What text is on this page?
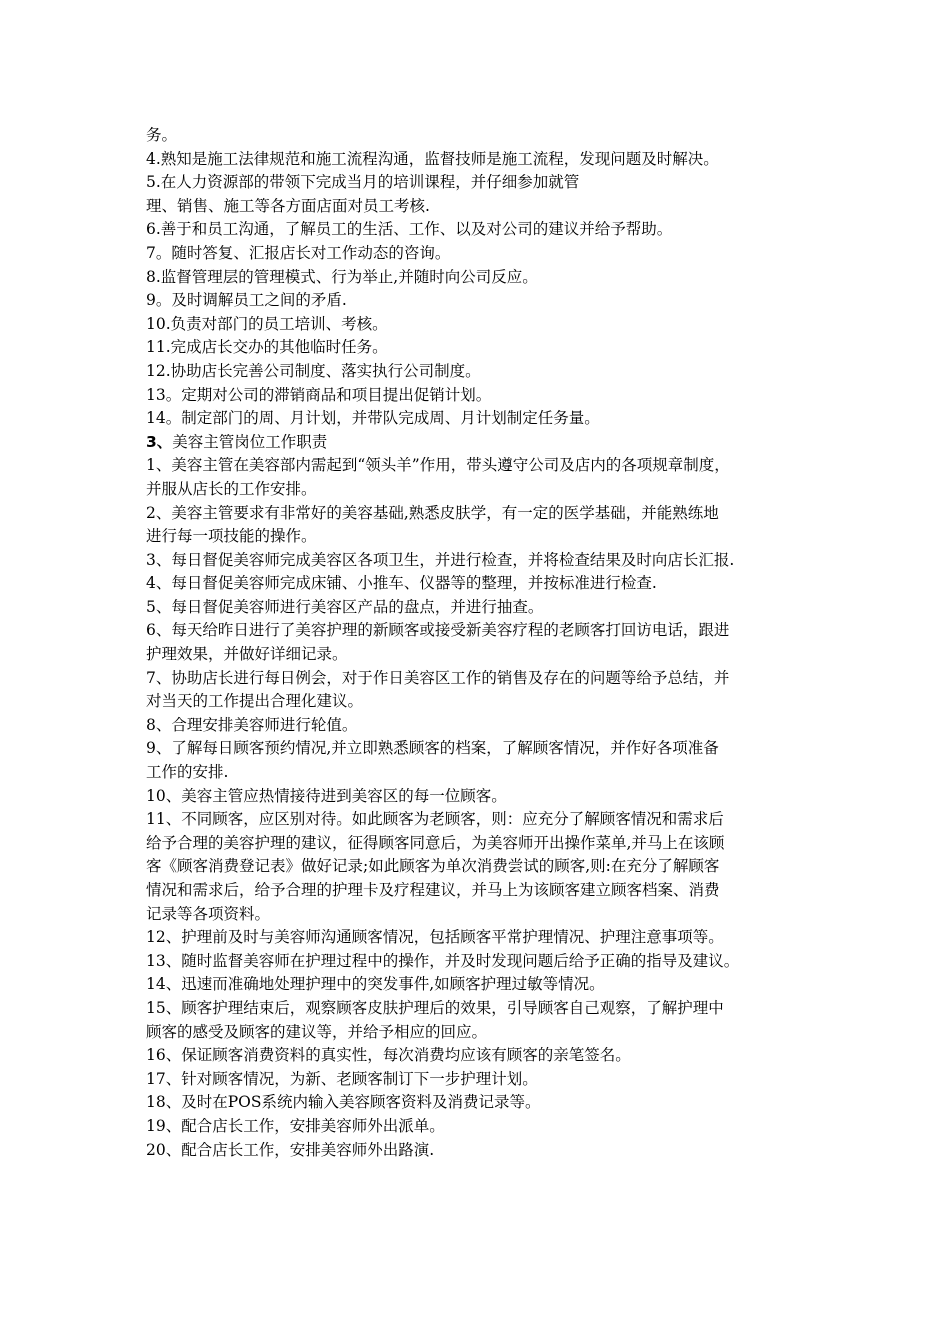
务。
4.熟知是施工法律规范和施工流程沟通，监督技师是施工流程，发现问题及时解决。
5.在人力资源部的带领下完成当月的培训课程，并仔细参加就管
理、销售、施工等各方面店面对员工考核.
6.善于和员工沟通，了解员工的生活、工作、以及对公司的建议并给予帮助。
7。随时答复、汇报店长对工作动态的咨询。
8.监督管理层的管理模式、行为举止,并随时向公司反应。
9。及时调解员工之间的矛盾.
10.负责对部门的员工培训、考核。
11.完成店长交办的其他临时任务。
12.协助店长完善公司制度、落实执行公司制度。
13。定期对公司的滞销商品和项目提出促销计划。
14。制定部门的周、月计划，并带队完成周、月计划制定任务量。
3、美容主管岗位工作职责
1、美容主管在美容部内需起到“领头羊”作用，带头遵守公司及店内的各项规章制度，
并服从店长的工作安排。
2、美容主管要求有非常好的美容基础,熟悉皮肤学，有一定的医学基础，并能熟练地
进行每一项技能的操作。
3、每日督促美容师完成美容区各项卫生，并进行检查，并将检查结果及时向店长汇报.
4、每日督促美容师完成床铺、小推车、仪器等的整理，并按标准进行检查.
5、每日督促美容师进行美容区产品的盘点，并进行抽查。
6、每天给昨日进行了美容护理的新顾客或接受新美容疗程的老顾客打回访电话，跟进
护理效果，并做好详细记录。
7、协助店长进行每日例会，对于作日美容区工作的销售及存在的问题等给予总结，并
对当天的工作提出合理化建议。
8、合理安排美容师进行轮值。
9、了解每日顾客预约情况,并立即熟悉顾客的档案，了解顾客情况，并作好各项准备
工作的安排.
10、美容主管应热情接待进到美容区的每一位顾客。
11、不同顾客，应区别对待。如此顾客为老顾客，则：应充分了解顾客情况和需求后
给予合理的美容护理的建议，征得顾客同意后，为美容师开出操作菜单,并马上在该顾
客《顾客消费登记表》做好记录;如此顾客为单次消费尝试的顾客,则:在充分了解顾客
情况和需求后，给予合理的护理卡及疗程建议，并马上为该顾客建立顾客档案、消费
记录等各项资料。
12、护理前及时与美容师沟通顾客情况，包括顾客平常护理情况、护理注意事项等。
13、随时监督美容师在护理过程中的操作，并及时发现问题后给予正确的指导及建议。
14、迅速而准确地处理护理中的突发事件,如顾客护理过敏等情况。
15、顾客护理结束后，观察顾客皮肤护理后的效果，引导顾客自己观察，了解护理中
顾客的感受及顾客的建议等，并给予相应的回应。
16、保证顾客消费资料的真实性，每次消费均应该有顾客的亲笔签名。
17、针对顾客情况，为新、老顾客制订下一步护理计划。
18、及时在POS系统内输入美容顾客资料及消费记录等。
19、配合店长工作，安排美容师外出派单。
20、配合店长工作，安排美容师外出路演.
